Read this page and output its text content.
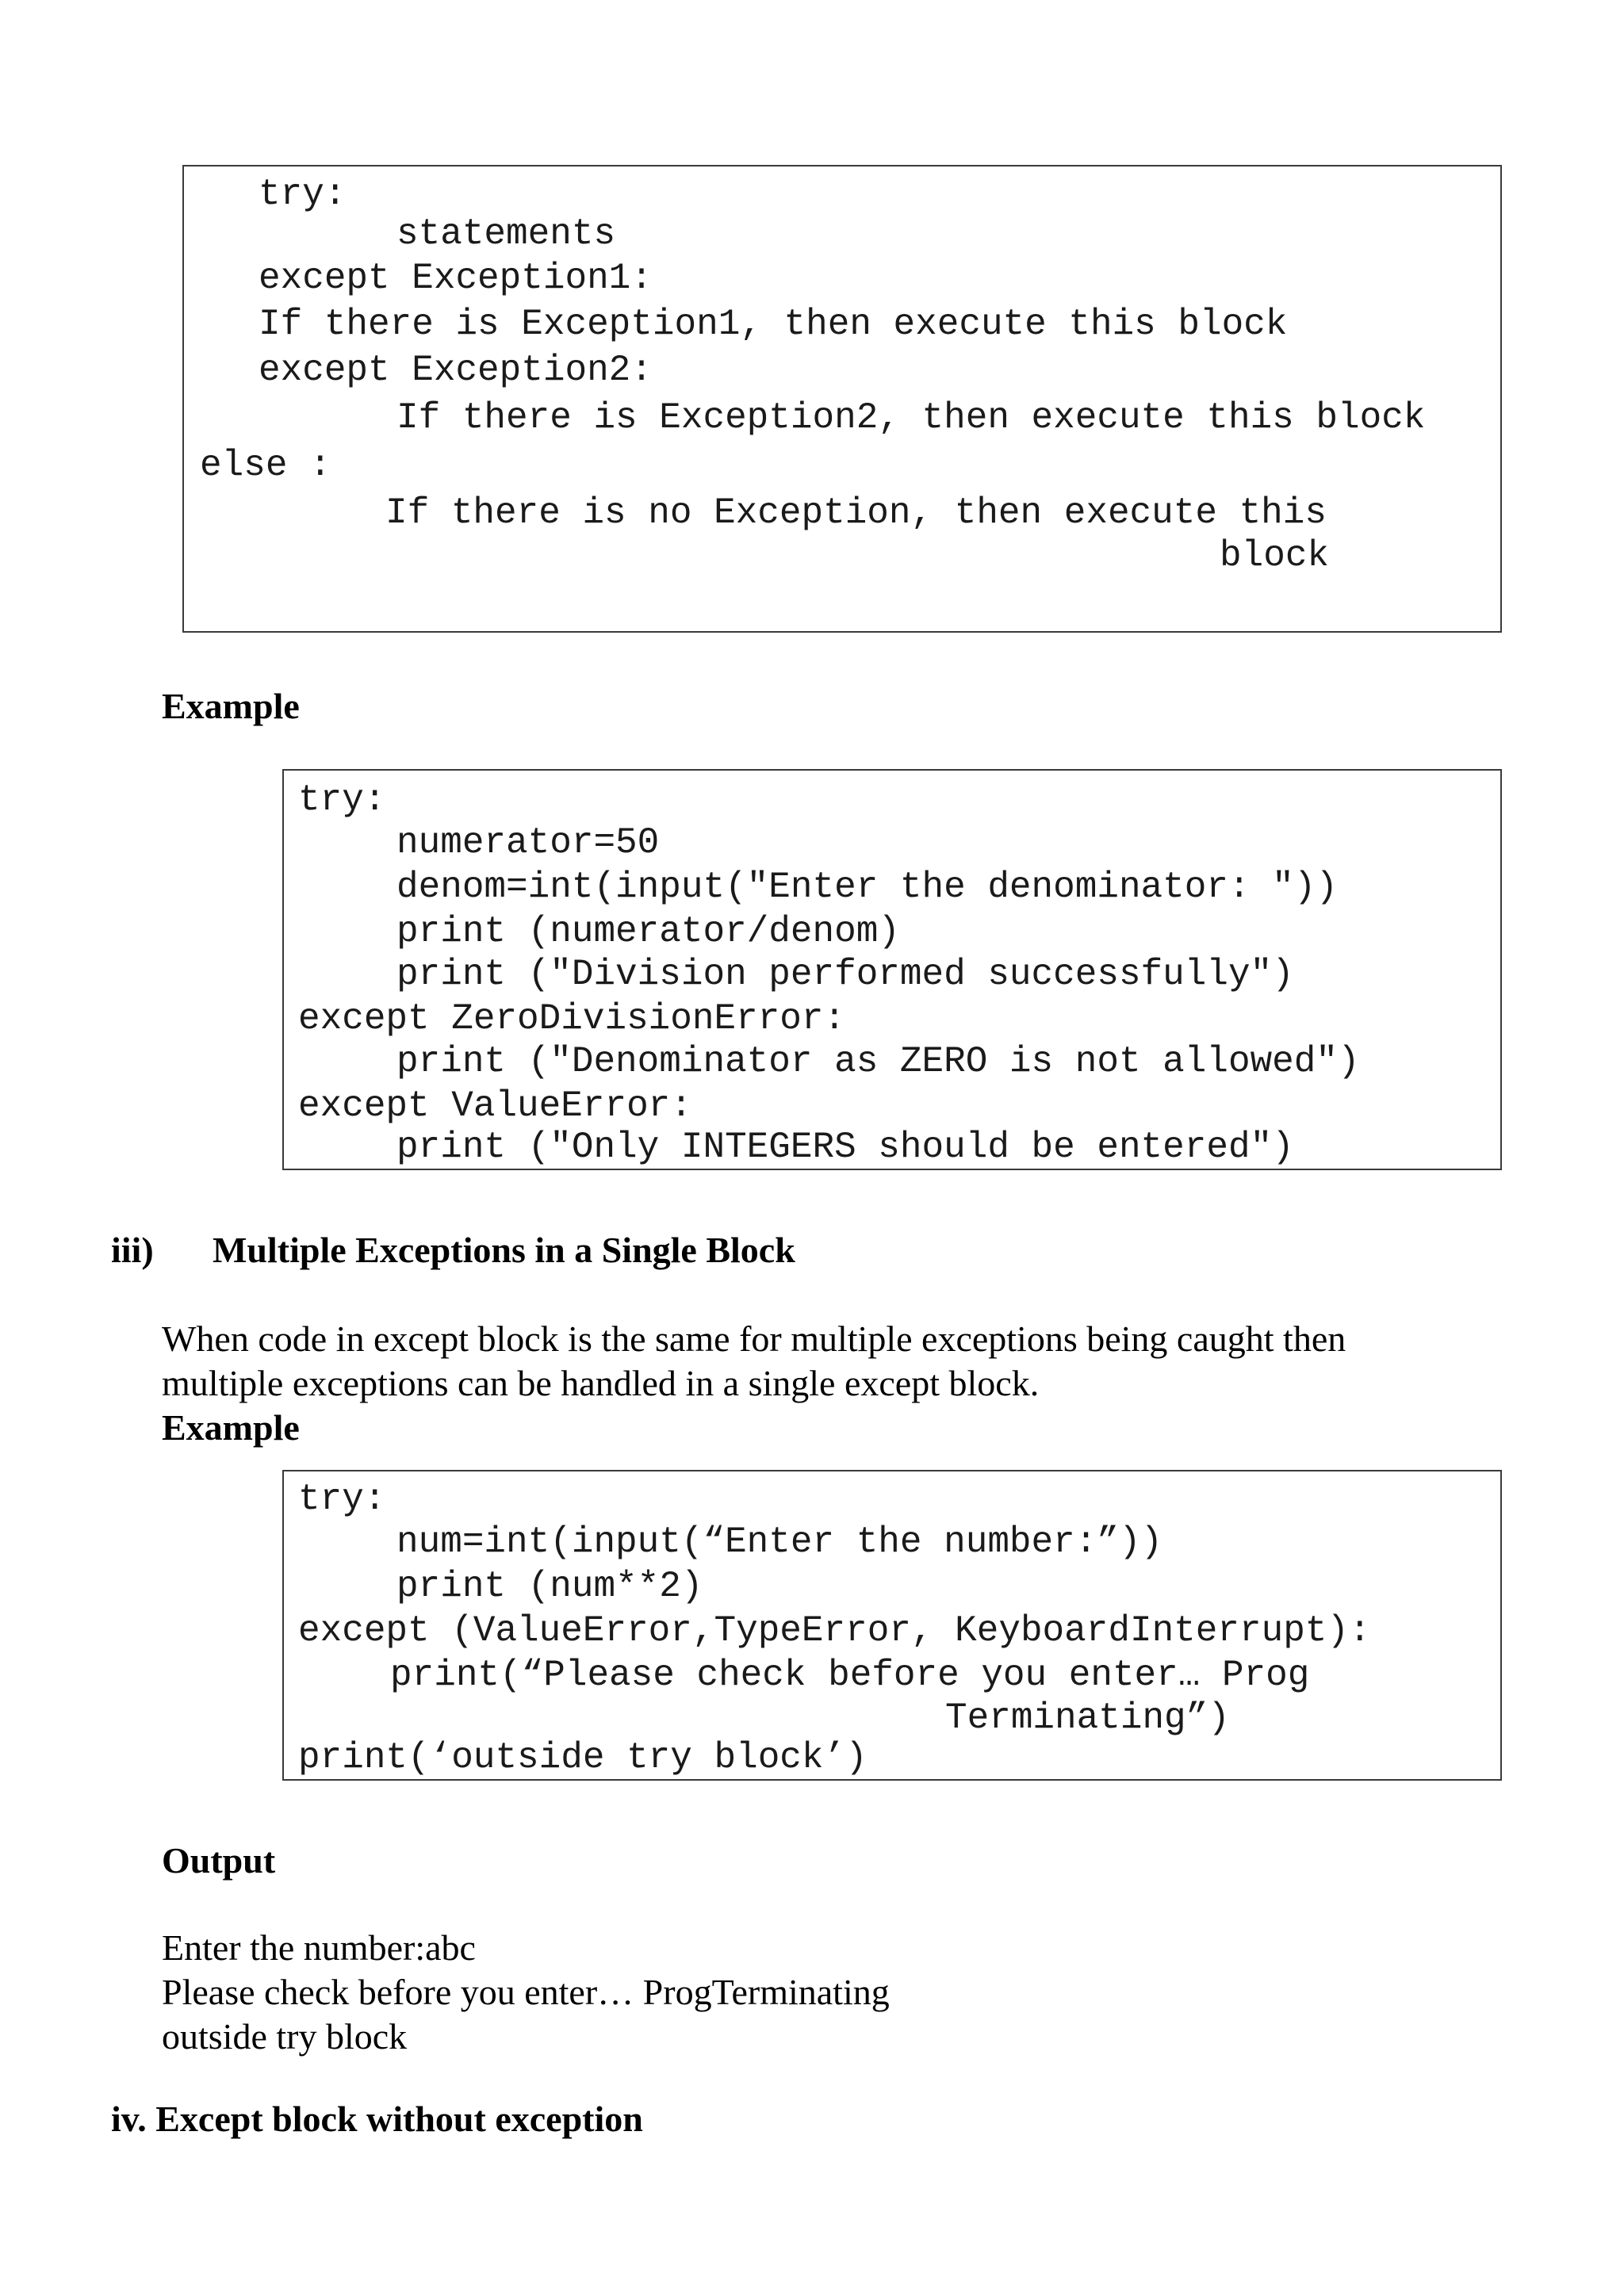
try:
statements
except Exception1:
If there is Exception1, then execute this block
except Exception2:
If there is Exception2, then execute this block
else :
If there is no Exception, then execute this
block
Example
try:
numerator=50
denom=int(input("Enter the denominator: "))
print (numerator/denom)
print ("Division performed successfully")
except ZeroDivisionError:
print ("Denominator as ZERO is not allowed")
except ValueError:
print ("Only INTEGERS should be entered")
iii) Multiple Exceptions in a Single Block
When code in except block is the same for multiple exceptions being caught then
multiple exceptions can be handled in a single except block.
Example
try:
num=int(input(“Enter the number:”))
print (num**2)
except (ValueError,TypeError, KeyboardInterrupt):
print(“Please check before you enter… Prog
Terminating”)
print(‘outside try block’)
Output
Enter the number:abc
Please check before you enter… ProgTerminating
outside try block
iv. Except block without exception
